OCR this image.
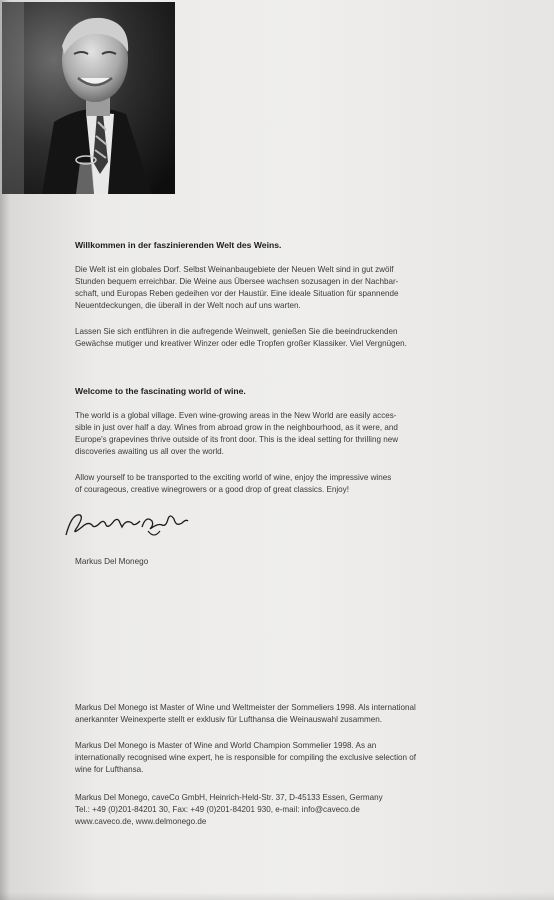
Willkommen in der faszinierenden Welt des Weins.

Die Welt ist ein globales Dorf. Selbst Weinanbaugebiete der Neuen Welt sind in gut zwölf

Stunden bequem erreichbar. Die Weine aus Übersee wachsen sozusagen in der Nachbar-

schaft, und Europas Reben gedeihen vor der Haustür. Eine ideale Situation für spannende

Neuentdeckungen, die überall in der Welt noch auf uns warten.

Lassen Sie sich entführen in die aufregende Weinwelt, genießen Sie die beeindruckenden

Gewächse mutiger und kreativer Winzer oder edle Tropfen großer Klassiker. Viel Vergnügen.

Welcome to the fascinating world of wine.

The world is a global village. Even wine-growing areas in the New World are easily acces-

sible in just over half a day. Wines from abroad grow in the neighbourhood, as it were, and

Europe's grapevines thrive outside of its front door. This is the ideal setting for thrilling new

discoveries awaiting us all over the world.

Allow yourself to be transported to the exciting world of wine, enjoy the impressive wines

of courageous, creative winegrowers or a good drop of great classics. Enjoy!

Markus Del Monego

Markus Del Monego ist Master of Wine und Weltmeister der Sommeliers 1998. Als international

anerkannter Weinexperte stellt er exklusiv für Lufthansa die Weinauswahl zusammen.

Markus Del Monego is Master of Wine and World Champion Sommelier 1998. As an

internationally recognised wine expert, he is responsible for compiling the exclusive selection of

wine for Lufthansa.

Markus Del Monego, caveCo GmbH, Heinrich-Held-Str. 37, D-45133 Essen, Germany

Tel.: +49 (0)201-84201 30, Fax: +49 (0)201-84201 930, e-mail: info@caveco.de

www.caveco.de, www.delmonego.de
